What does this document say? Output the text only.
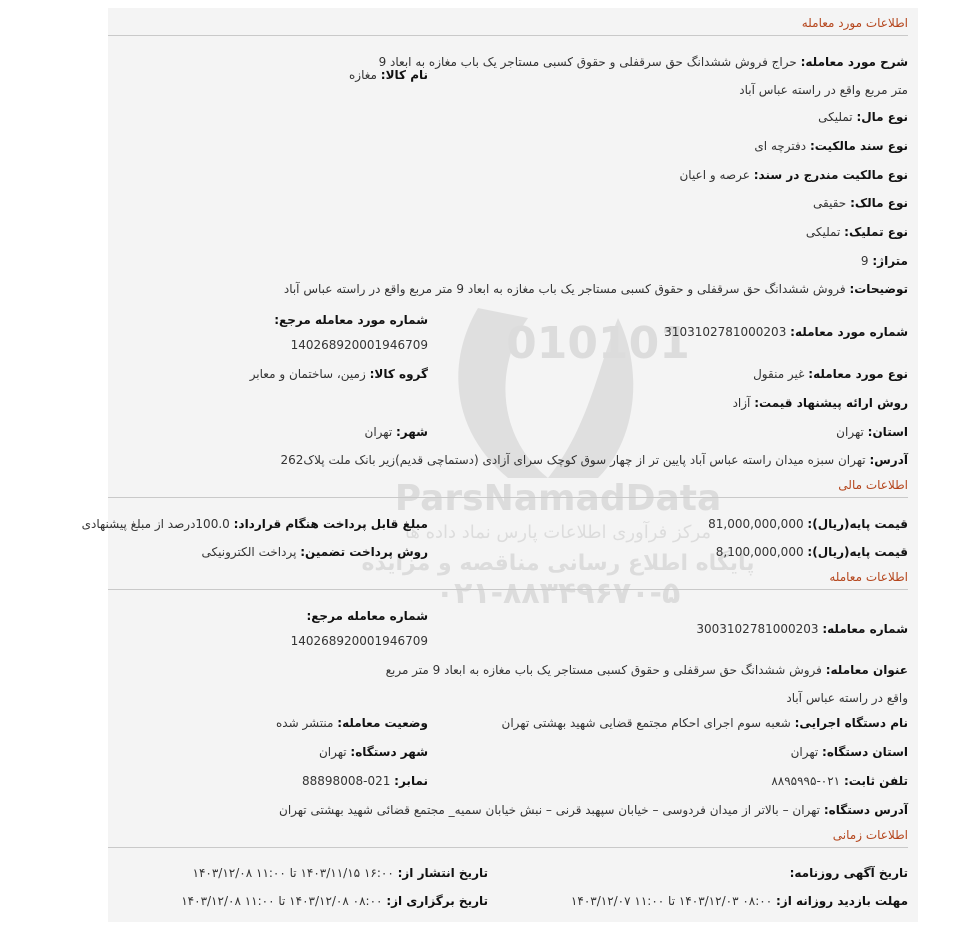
010101
ParsNamadData
مرکز فرآوری اطلاعات پارس نماد داده ها
پایگاه اطلاع رسانی مناقصه و مزایده
۰۲۱-۸۸۳۴۹۶۷۰-۵
اطلاعات مورد معامله
شرح مورد معامله: حراج فروش ششدانگ حق سرقفلی و حقوق کسبی مستاجر یک باب مغازه به ابعاد 9 متر مربع واقع در راسته عباس آباد
نام کالا: مغازه
نوع مال: تملیکی
نوع سند مالکیت: دفترچه ای
نوع مالکیت مندرج در سند: عرصه و اعیان
نوع مالک: حقیقی
نوع تملیک: تملیکی
متراژ: 9
توضیحات: فروش ششدانگ حق سرقفلی و حقوق کسبی مستاجر یک باب مغازه به ابعاد 9 متر مربع واقع در راسته عباس آباد
شماره مورد معامله: 3103102781000203
شماره مورد معامله مرجع:
140268920001946709
نوع مورد معامله: غیر منقول
گروه کالا: زمین، ساختمان و معابر
روش ارائه پیشنهاد قیمت: آزاد
استان: تهران
شهر: تهران
آدرس: تهران سبزه میدان راسته عباس آباد پایین تر از چهار سوق کوچک سرای آزادی (دستماچی قدیم)زیر بانک ملت پلاک262
اطلاعات مالی
قیمت پایه(ریال): 81,000,000,000
مبلغ قابل پرداخت هنگام قرارداد: 100.0درصد از مبلغ پیشنهادی
قیمت پایه(ریال): 8,100,000,000
روش پرداخت تضمین: پرداخت الکترونیکی
اطلاعات معامله
شماره معامله: 3003102781000203
شماره معامله مرجع:
140268920001946709
عنوان معامله: فروش ششدانگ حق سرقفلی و حقوق کسبی مستاجر یک باب مغازه به ابعاد 9 متر مربع واقع در راسته عباس آباد
نام دستگاه اجرایی: شعبه سوم اجرای احکام مجتمع قضایی شهید بهشتی تهران
وضعیت معامله: منتشر شده
استان دستگاه: تهران
شهر دستگاه: تهران
تلفن ثابت: ۰۲۱-۸۸۹۵۹۹۵
نمابر: 021-88898008
آدرس دستگاه: تهران – بالاتر از میدان فردوسی – خیابان سپهبد قرنی – نبش خیابان سمیه_ مجتمع قضائی شهید بهشتی تهران
اطلاعات زمانی
تاریخ آگهی روزنامه:
تاریخ انتشار از: ۱۶:۰۰ ۱۴۰۳/۱۱/۱۵ تا ۱۱:۰۰ ۱۴۰۳/۱۲/۰۸
مهلت بازدید روزانه از: ۰۸:۰۰ ۱۴۰۳/۱۲/۰۳ تا ۱۱:۰۰ ۱۴۰۳/۱۲/۰۷
تاریخ برگزاری از: ۰۸:۰۰ ۱۴۰۳/۱۲/۰۸ تا ۱۱:۰۰ ۱۴۰۳/۱۲/۰۸
